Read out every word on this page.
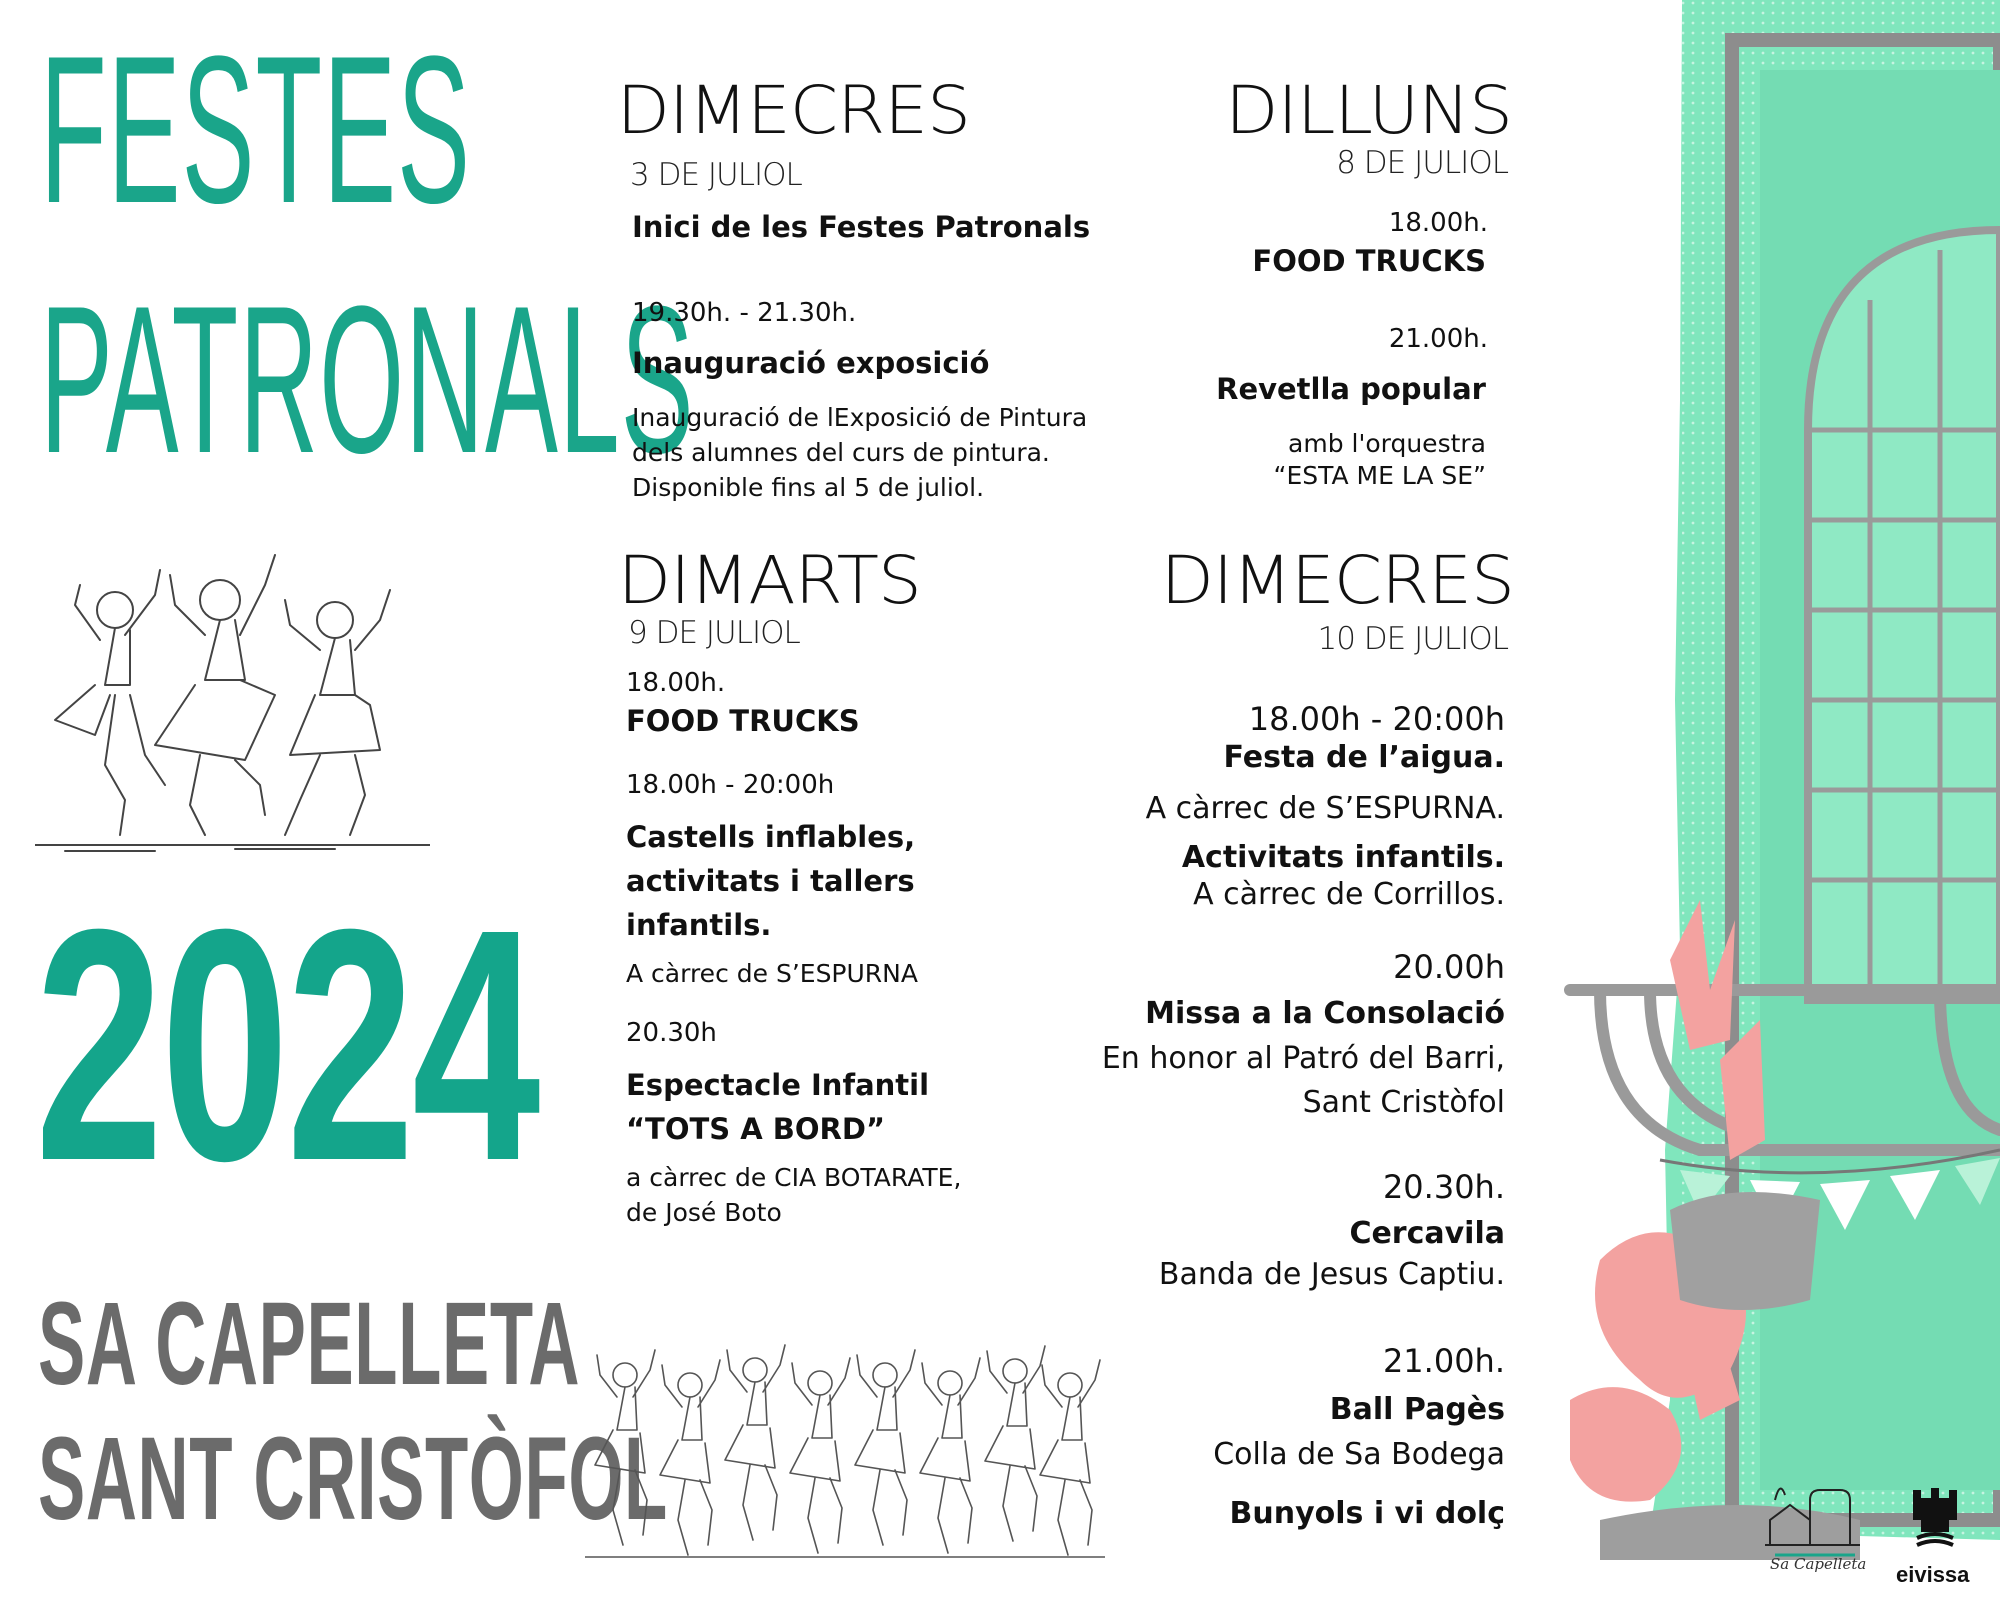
FESTES
PATRONALS
2024
SA CAPELLETA
SANT CRISTÒFOL
DIMECRES
3 DE JULIOL
Inici de les Festes Patronals
19.30h. - 21.30h.
Inauguració exposició
Inauguració de lExposició de Pintura
dels alumnes del curs de pintura.
Disponible fins al 5 de juliol.
DILLUNS
8 DE JULIOL
18.00h.
FOOD TRUCKS
21.00h.
Revetlla popular
amb l'orquestra
“ESTA ME LA SE”
DIMARTS
9 DE JULIOL
18.00h.
FOOD TRUCKS
18.00h - 20:00h
Castells inflables,
activitats i tallers
infantils.
A càrrec de S’ESPURNA
20.30h
Espectacle Infantil
“TOTS A BORD”
a càrrec de CIA BOTARATE,
de José Boto
DIMECRES
10 DE JULIOL
18.00h - 20:00h
Festa de l’aigua.
A càrrec de S’ESPURNA.
Activitats infantils.
A càrrec de Corrillos.
20.00h
Missa a la Consolació
En honor al Patró del Barri,
Sant Cristòfol
20.30h.
Cercavila
Banda de Jesus Captiu.
21.00h.
Ball Pagès
Colla de Sa Bodega
Bunyols i vi dolç
Sa Capelleta eivissa
